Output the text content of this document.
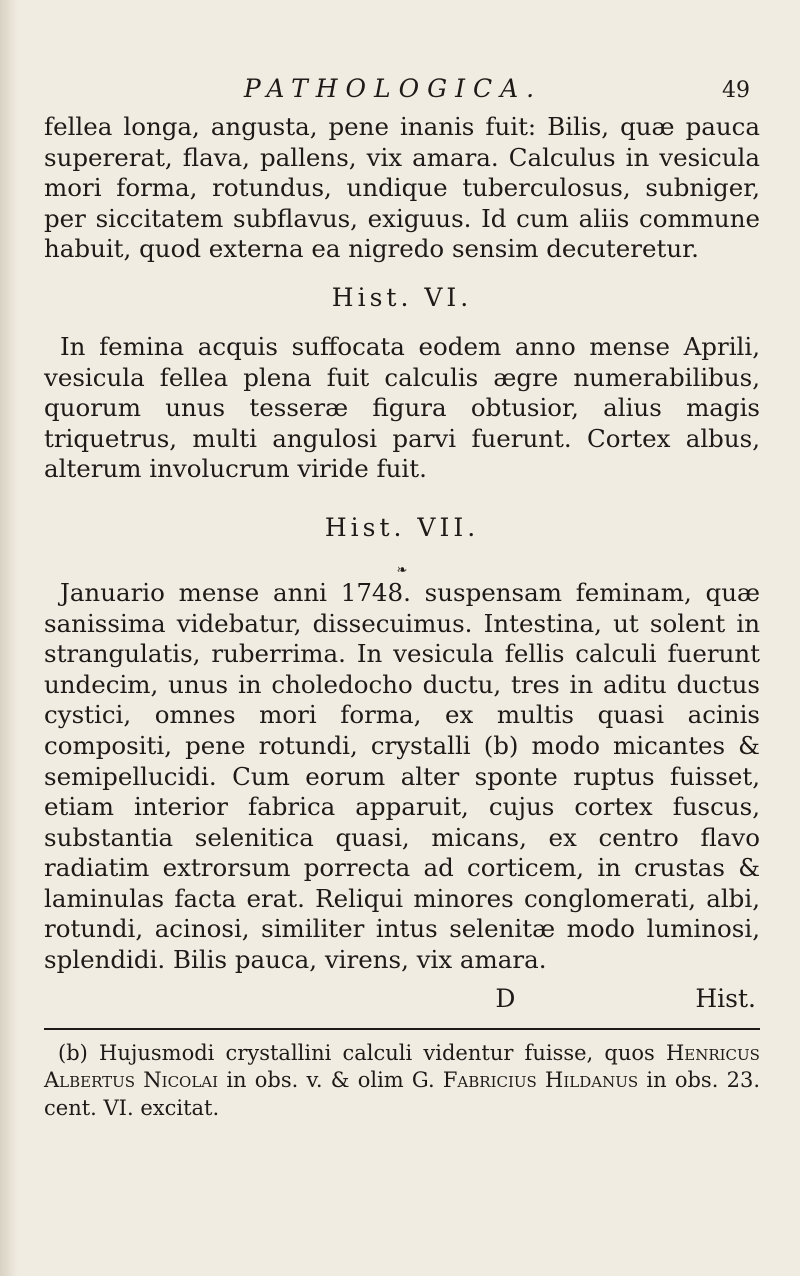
PATHOLOGICA.	49

fellea longa, angusta, pene inanis fuit: Bilis, quæ pauca supererat, flava, pallens, vix amara. Calculus in vesicula mori forma, rotundus, undique tuberculosus, subniger, per siccitatem subflavus, exiguus. Id cum aliis commune habuit, quod externa ea nigredo sensim decuteretur.

Hist. VI.

In femina acquis suffocata eodem anno mense Aprili, vesicula fellea plena fuit calculis ægre numerabilibus, quorum unus tesseræ figura obtusior, alius magis triquetrus, multi angulosi parvi fuerunt. Cortex albus, alterum involucrum viride fuit.

Hist. VII.
❧

Januario mense anni 1748. suspensam feminam, quæ sanissima videbatur, dissecuimus. Intestina, ut solent in strangulatis, ruberrima. In vesicula fellis calculi fuerunt undecim, unus in choledocho ductu, tres in aditu ductus cystici, omnes mori forma, ex multis quasi acinis compositi, pene rotundi, crystalli (b) modo micantes & semipellucidi. Cum eorum alter sponte ruptus fuisset, etiam interior fabrica apparuit, cujus cortex fuscus, substantia selenitica quasi, micans, ex centro flavo radiatim extrorsum porrecta ad corticem, in crustas & laminulas facta erat. Reliqui minores conglomerati, albi, rotundi, acinosi, similiter intus selenitæ modo luminosi, splendidi. Bilis pauca, virens, vix amara.

D	Hist.

(b) Hujusmodi crystallini calculi videntur fuisse, quos Henricus Albertus Nicolai in obs. v. & olim G. Fabricius Hildanus in obs. 23. cent. VI. excitat.
